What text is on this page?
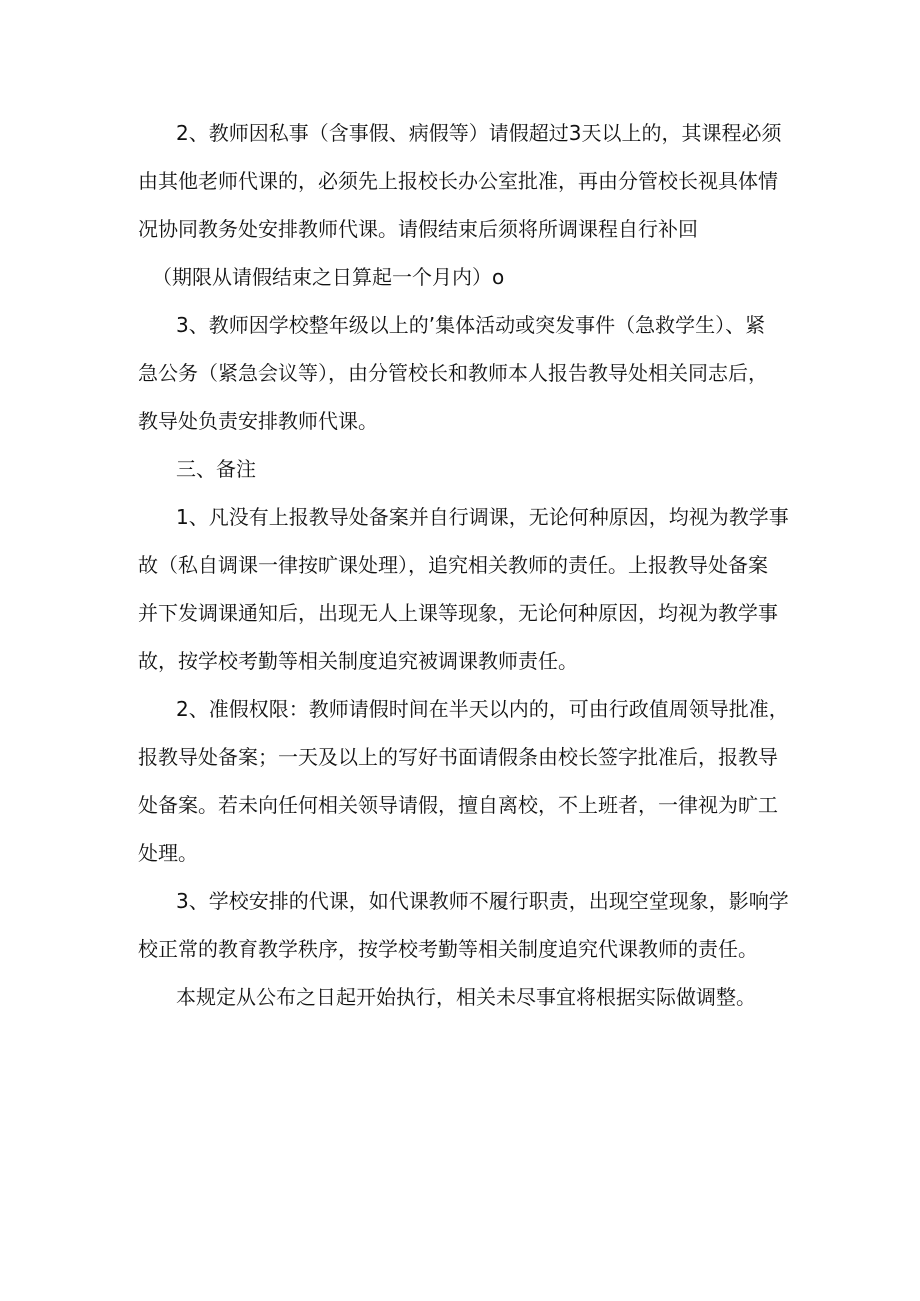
2、教师因私事（含事假、病假等）请假超过3天以上的，其课程必须

由其他老师代课的，必须先上报校长办公室批准，再由分管校长视具体情

况协同教务处安排教师代课。请假结束后须将所调课程自行补回

（期限从请假结束之日算起一个月内）o

3、教师因学校整年级以上的’集体活动或突发事件（急救学生）、紧

急公务（紧急会议等），由分管校长和教师本人报告教导处相关同志后，

教导处负责安排教师代课。

三、备注

1、凡没有上报教导处备案并自行调课，无论何种原因，均视为教学事

故（私自调课一律按旷课处理），追究相关教师的责任。上报教导处备案

并下发调课通知后，出现无人上课等现象，无论何种原因，均视为教学事

故，按学校考勤等相关制度追究被调课教师责任。

2、准假权限：教师请假时间在半天以内的，可由行政值周领导批准，

报教导处备案；一天及以上的写好书面请假条由校长签字批准后，报教导

处备案。若未向任何相关领导请假，擅自离校，不上班者，一律视为旷工

处理。

3、学校安排的代课，如代课教师不履行职责，出现空堂现象，影响学

校正常的教育教学秩序，按学校考勤等相关制度追究代课教师的责任。

本规定从公布之日起开始执行，相关未尽事宜将根据实际做调整。
